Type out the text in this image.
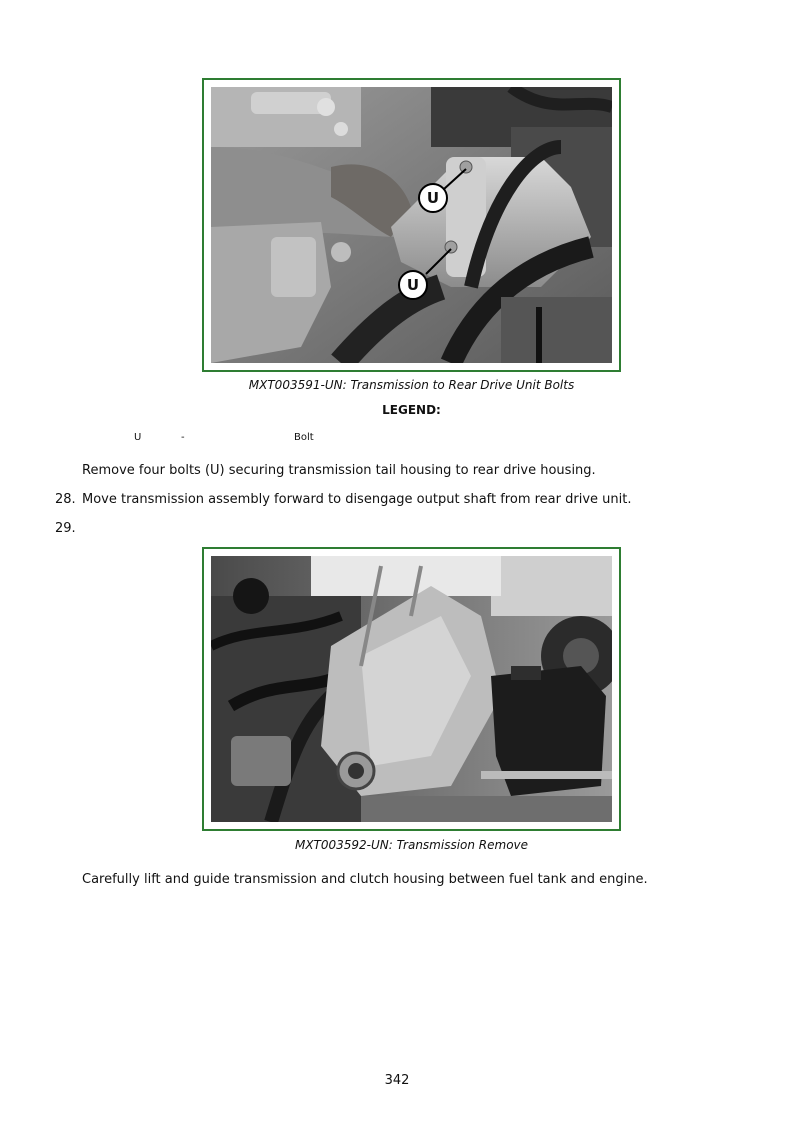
U
U
MXT003591-UN: Transmission to Rear Drive Unit Bolts
LEGEND:
U	-	Bolt
Remove four bolts (U) securing transmission tail housing to rear drive housing.
28. Move transmission assembly forward to disengage output shaft from rear drive unit.
29.
MXT003592-UN: Transmission Remove
Carefully lift and guide transmission and clutch housing between fuel tank and engine.
342
